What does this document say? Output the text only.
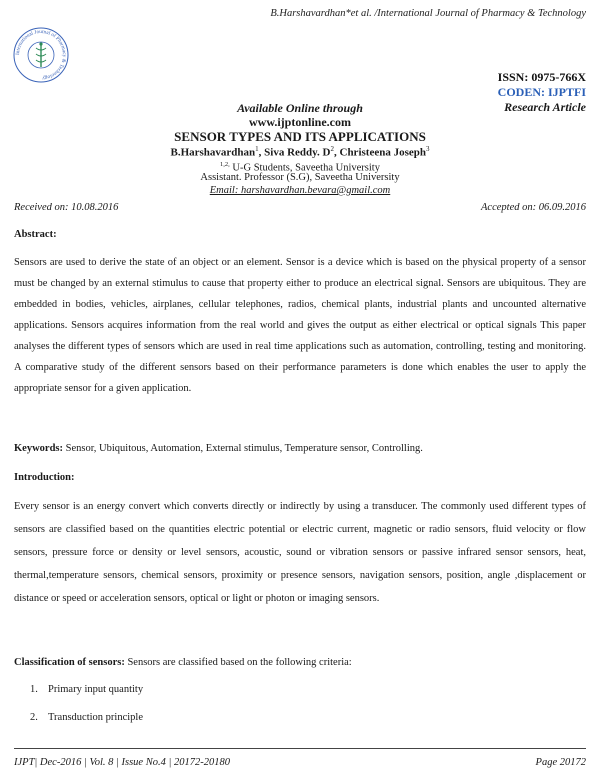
B.Harshavardhan*et al. /International Journal of Pharmacy & Technology
International Journal of Pharmacy & Technology	ISSN: 0975-766X
CODEN: IJPTFI
Research Article
Available Online through
www.ijptonline.com
SENSOR TYPES AND ITS APPLICATIONS
B.Harshavardhan$^1$, Siva Reddy. $D^2$, Christeena Joseph$^3$
$^{1,2,}$ U-G Students, Saveetha University
Assistant. Professor (S.G), Saveetha University
Email: harshavardhan.bevara@gmail.com
Received on: 10.08.2016	Accepted on: 06.09.2016
Abstract:
Sensors are used to derive the state of an object or an element. Sensor is a device which is based on the physical property of a sensor must be changed by an external stimulus to cause that property either to produce an electrical signal. Sensors are ubiquitous. They are embedded in bodies, vehicles, airplanes, cellular telephones, radios, chemical plants, industrial plants and uncounted alternative applications. Sensors acquires information from the real world and gives the output as either electrical or optical signals This paper analyses the different types of sensors which are used in real time applications such as automation, controlling, testing and monitoring. A comparative study of the different sensors based on their performance parameters is done which enables the user to apply the appropriate sensor for a given application.
Keywords: Sensor, Ubiquitous, Automation, External stimulus, Temperature sensor, Controlling.
Introduction:
Every sensor is an energy convert which converts directly or indirectly by using a transducer. The commonly used different types of sensors are classified based on the quantities electric potential or electric current, magnetic or radio sensors, fluid velocity or flow sensors, pressure force or density or level sensors, acoustic, sound or vibration sensors or passive infrared sensor sensors, heat, thermal,temperature sensors, chemical sensors, proximity or presence sensors, navigation sensors, position, angle ,displacement or distance or speed or acceleration sensors, optical or light or photon or imaging sensors.
Classification of sensors: Sensors are classified based on the following criteria:
1. Primary input quantity
2. Transduction principle
IJPT| Dec-2016 | Vol. 8 | Issue No.4 | 20172-20180	Page 20172
